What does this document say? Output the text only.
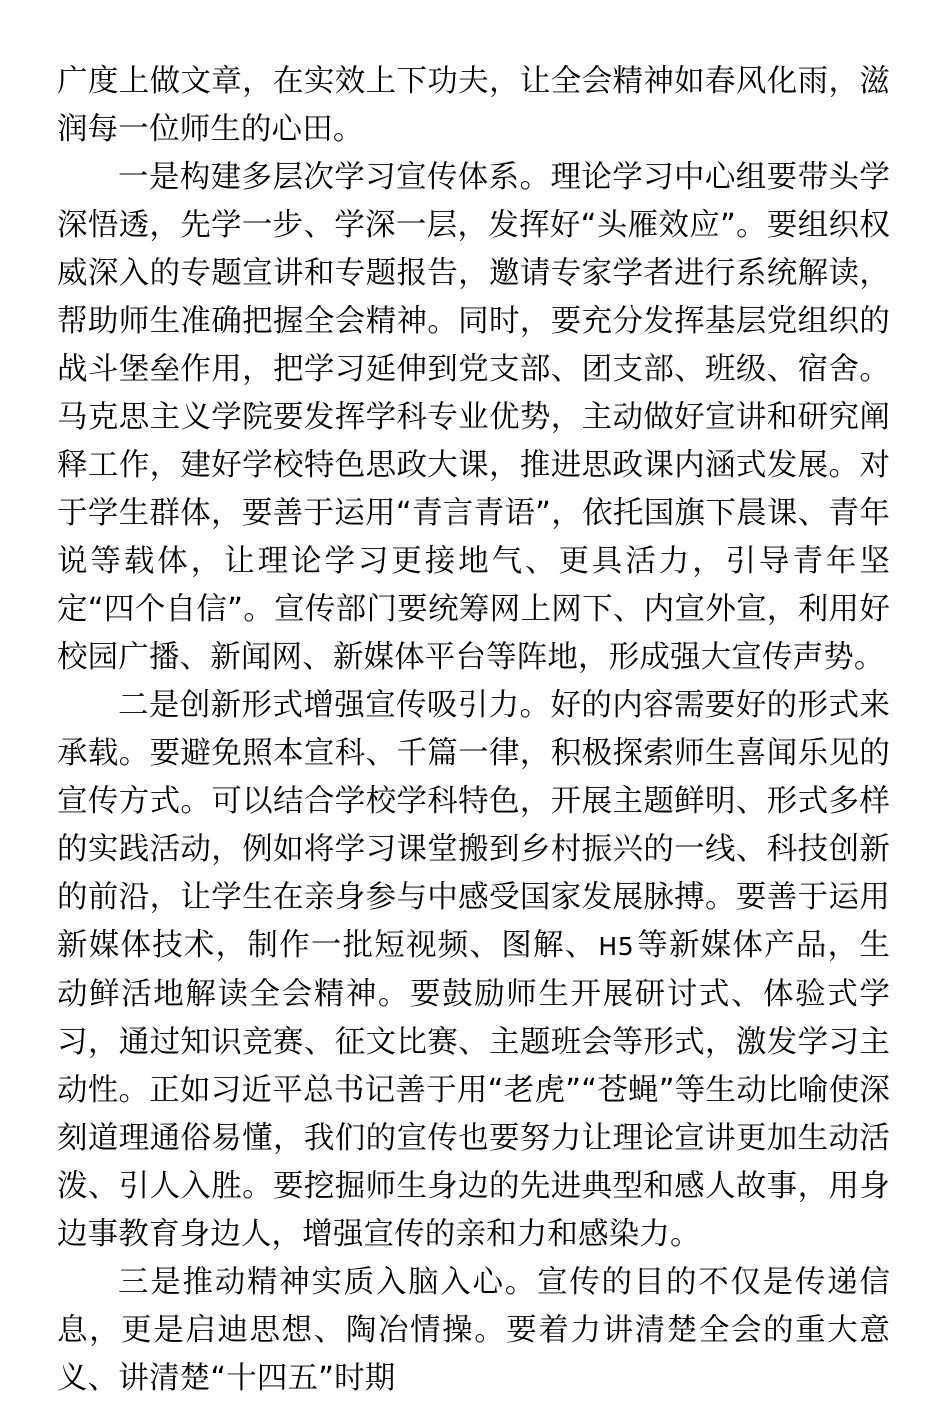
广度上做文章，在实效上下功夫，让全会精神如春风化雨，滋润每一位师生的心田。

一是构建多层次学习宣传体系。理论学习中心组要带头学深悟透，先学一步、学深一层，发挥好“头雁效应”。要组织权威深入的专题宣讲和专题报告，邀请专家学者进行系统解读，帮助师生准确把握全会精神。同时，要充分发挥基层党组织的战斗堡垒作用，把学习延伸到党支部、团支部、班级、宿舍。马克思主义学院要发挥学科专业优势，主动做好宣讲和研究阐释工作，建好学校特色思政大课，推进思政课内涵式发展。对于学生群体，要善于运用“青言青语”，依托国旗下晨课、青年说等载体，让理论学习更接地气、更具活力，引导青年坚定“四个自信”。宣传部门要统筹网上网下、内宣外宣，利用好校园广播、新闻网、新媒体平台等阵地，形成强大宣传声势。

二是创新形式增强宣传吸引力。好的内容需要好的形式来承载。要避免照本宣科、千篇一律，积极探索师生喜闻乐见的宣传方式。可以结合学校学科特色，开展主题鲜明、形式多样的实践活动，例如将学习课堂搬到乡村振兴的一线、科技创新的前沿，让学生在亲身参与中感受国家发展脉搏。要善于运用新媒体技术，制作一批短视频、图解、H5等新媒体产品，生动鲜活地解读全会精神。要鼓励师生开展研讨式、体验式学习，通过知识竞赛、征文比赛、主题班会等形式，激发学习主动性。正如习近平总书记善于用“老虎”“苍蝇”等生动比喻使深刻道理通俗易懂，我们的宣传也要努力让理论宣讲更加生动活泼、引人入胜。要挖掘师生身边的先进典型和感人故事，用身边事教育身边人，增强宣传的亲和力和感染力。

三是推动精神实质入脑入心。宣传的目的不仅是传递信息，更是启迪思想、陶冶情操。要着力讲清楚全会的重大意义、讲清楚“十四五”时期
